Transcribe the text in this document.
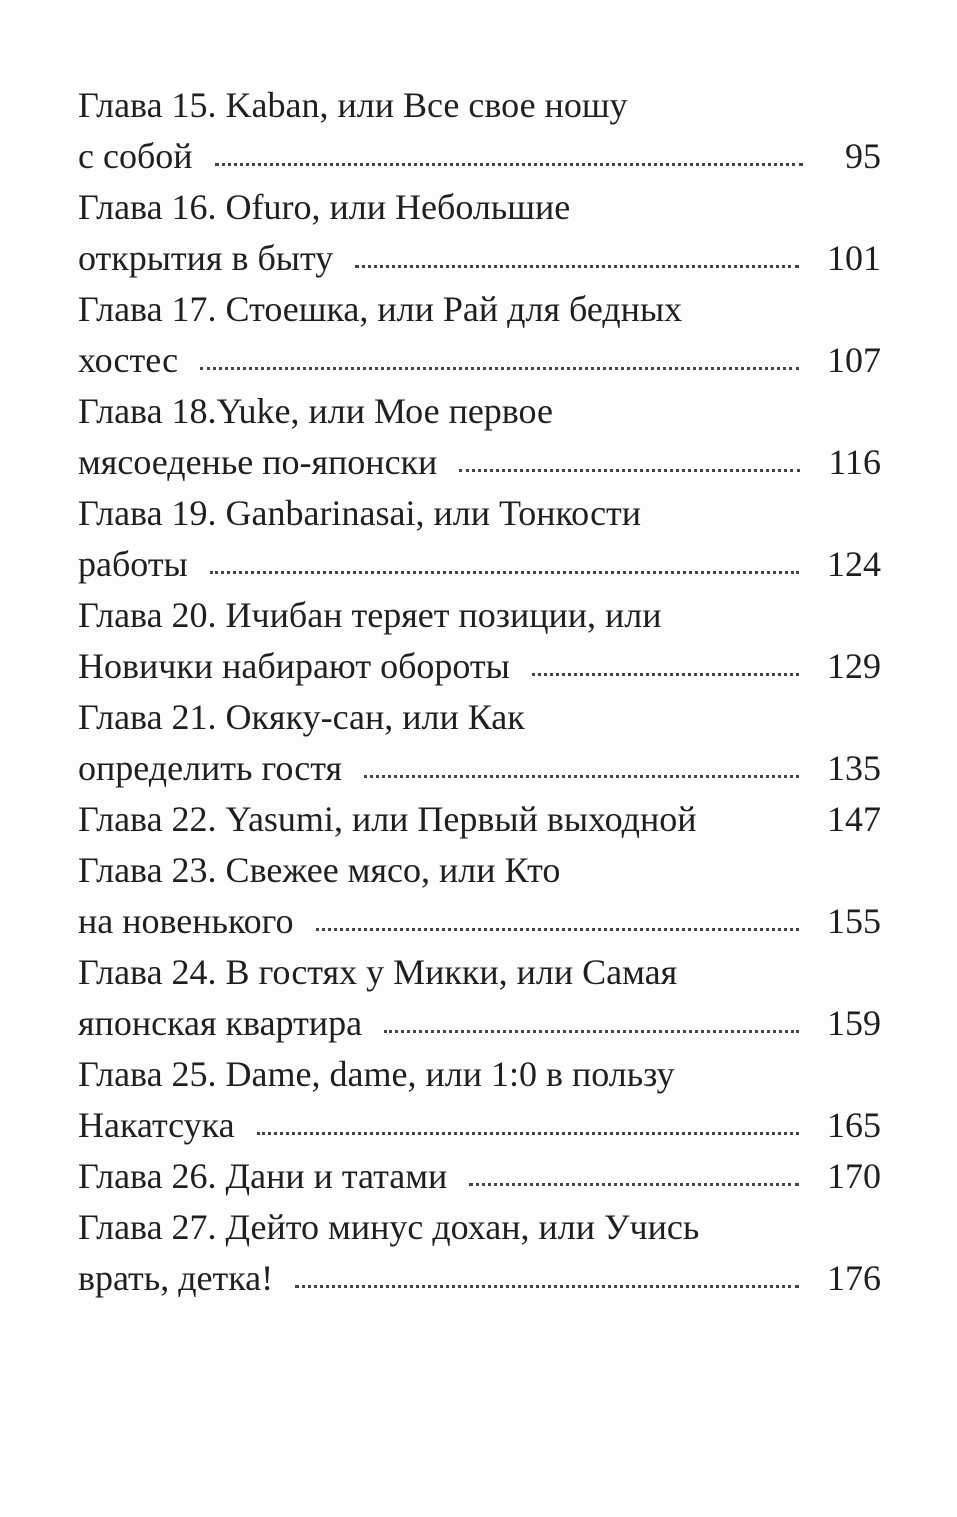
Глава 15. Kaban, или Все свое ношу
с собой	95
Глава 16. Ofuro, или Небольшие
открытия в быту	101
Глава 17. Стоешка, или Рай для бедных
хостес	107
Глава 18.Yuke, или Мое первое
мясоеденье по-японски	116
Глава 19. Ganbarinasai, или Тонкости
работы	124
Глава 20. Ичибан теряет позиции, или
Новички набирают обороты	129
Глава 21. Окяку-сан, или Как
определить гостя	135
Глава 22. Yasumi, или Первый выходной	147
Глава 23. Свежее мясо, или Кто
на новенького	155
Глава 24. В гостях у Микки, или Самая
японская квартира	159
Глава 25. Dame, dame, или 1:0 в пользу
Накатсука	165
Глава 26. Дани и татами	170
Глава 27. Дейто минус дохан, или Учись
врать, детка!	176
